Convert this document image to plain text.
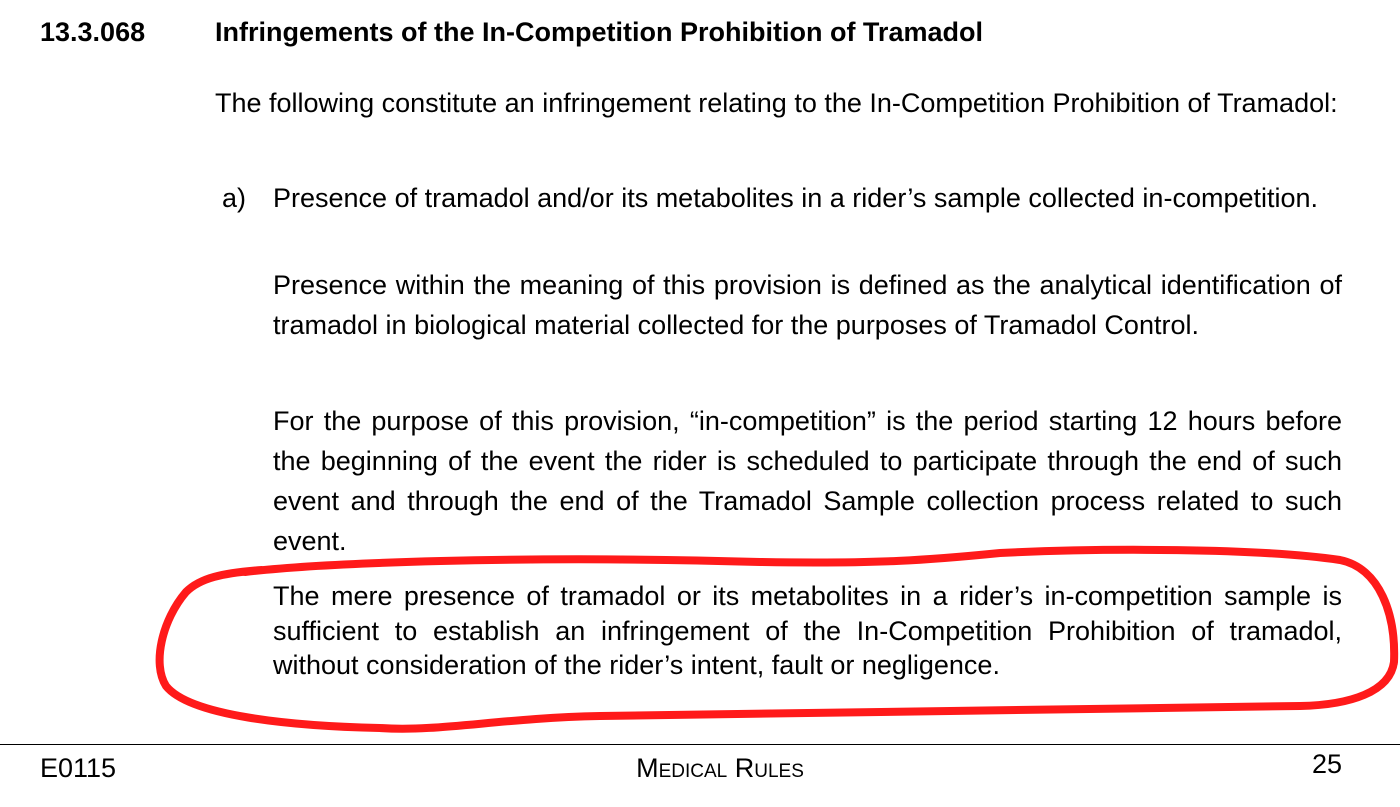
13.3.068	Infringements of the In-Competition Prohibition of Tramadol

The following constitute an infringement relating to the In-Competition Prohibition of Tramadol:

a) Presence of tramadol and/or its metabolites in a rider’s sample collected in-competition.

Presence within the meaning of this provision is defined as the analytical identification of tramadol in biological material collected for the purposes of Tramadol Control.

For the purpose of this provision, “in-competition” is the period starting 12 hours before the beginning of the event the rider is scheduled to participate through the end of such event and through the end of the Tramadol Sample collection process related to such event.

The mere presence of tramadol or its metabolites in a rider’s in-competition sample is sufficient to establish an infringement of the In-Competition Prohibition of tramadol, without consideration of the rider’s intent, fault or negligence.

E0115	Medical Rules	25
